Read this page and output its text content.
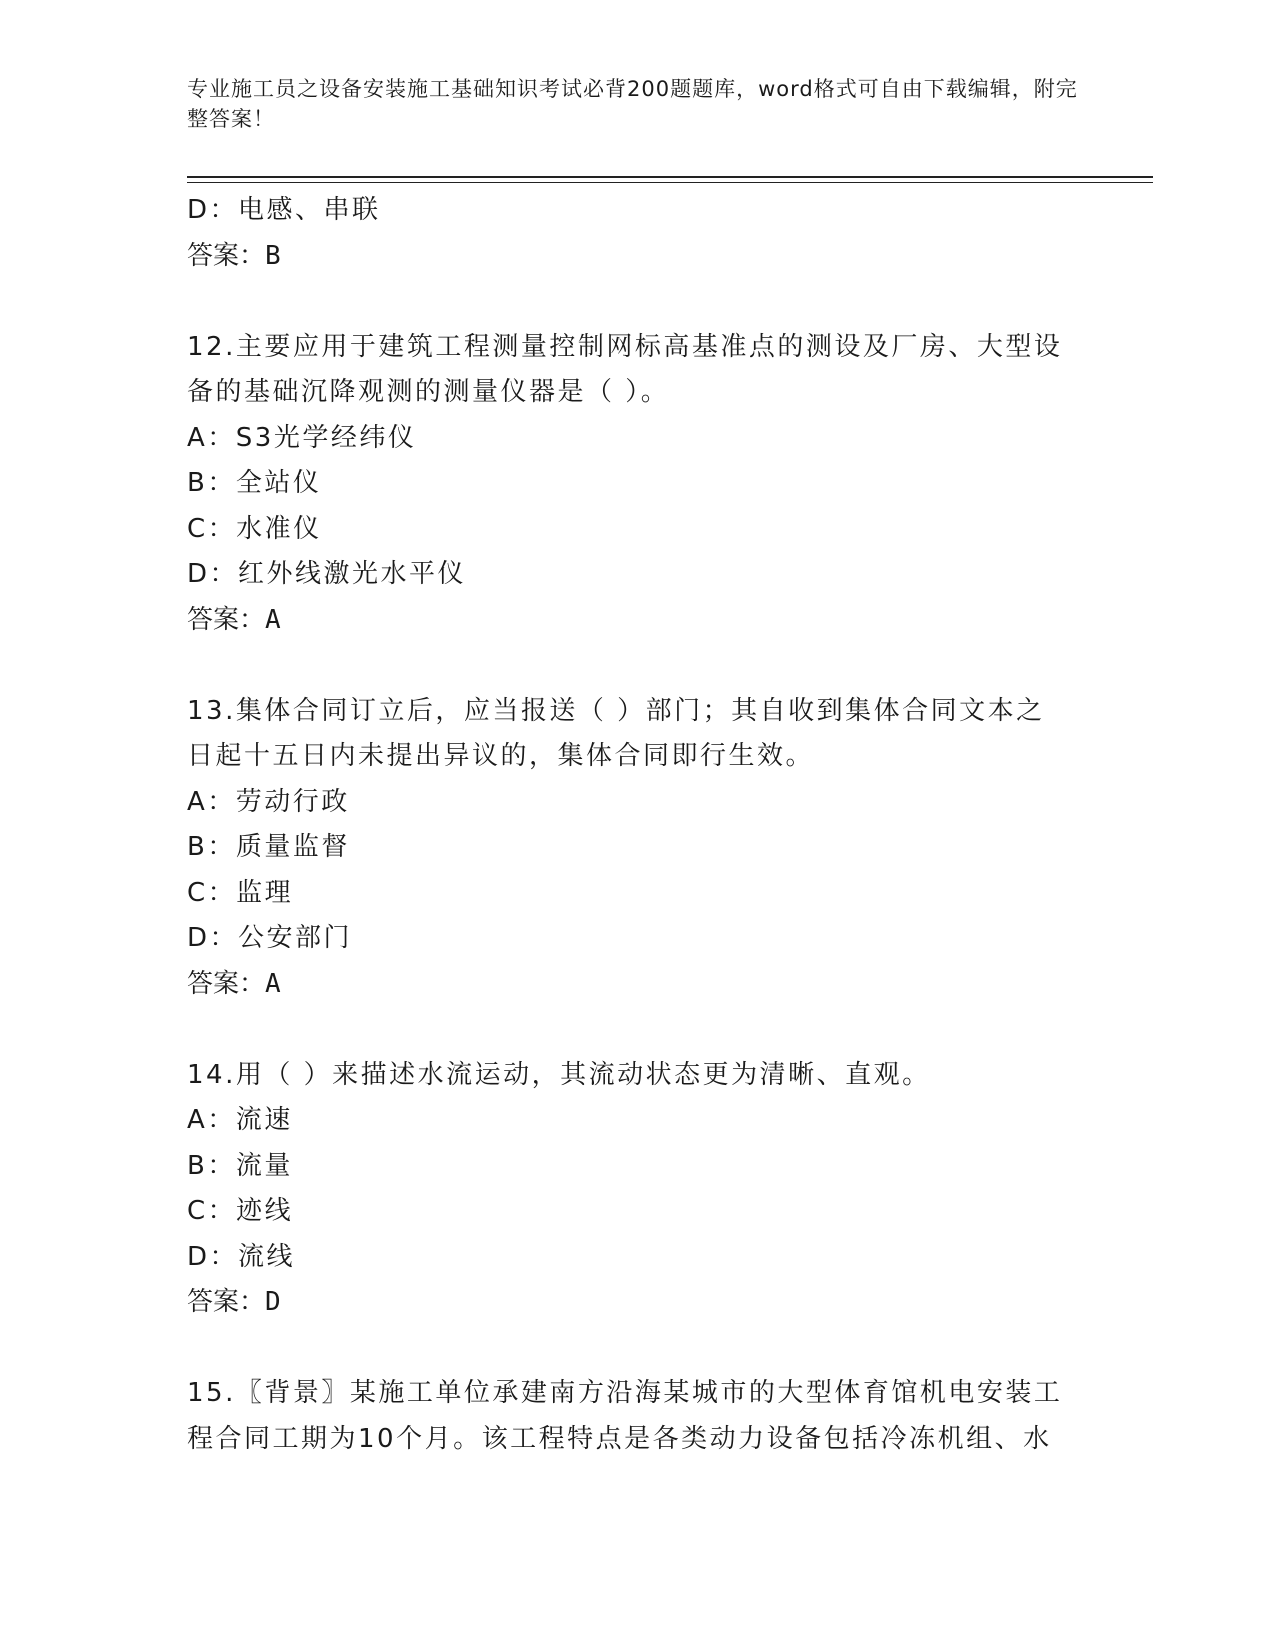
专业施工员之设备安装施工基础知识考试必背200题题库，word格式可自由下载编辑，附完整答案！
D：电感、串联
答案：B
12.主要应用于建筑工程测量控制网标高基准点的测设及厂房、大型设备的基础沉降观测的测量仪器是（ ）。
A：S3光学经纬仪
B：全站仪
C：水准仪
D：红外线激光水平仪
答案：A
13.集体合同订立后，应当报送（ ）部门；其自收到集体合同文本之日起十五日内未提出异议的，集体合同即行生效。
A：劳动行政
B：质量监督
C：监理
D：公安部门
答案：A
14.用（ ）来描述水流运动，其流动状态更为清晰、直观。
A：流速
B：流量
C：迹线
D：流线
答案：D
15.〖背景〗某施工单位承建南方沿海某城市的大型体育馆机电安装工程合同工期为10个月。该工程特点是各类动力设备包括冷冻机组、水
